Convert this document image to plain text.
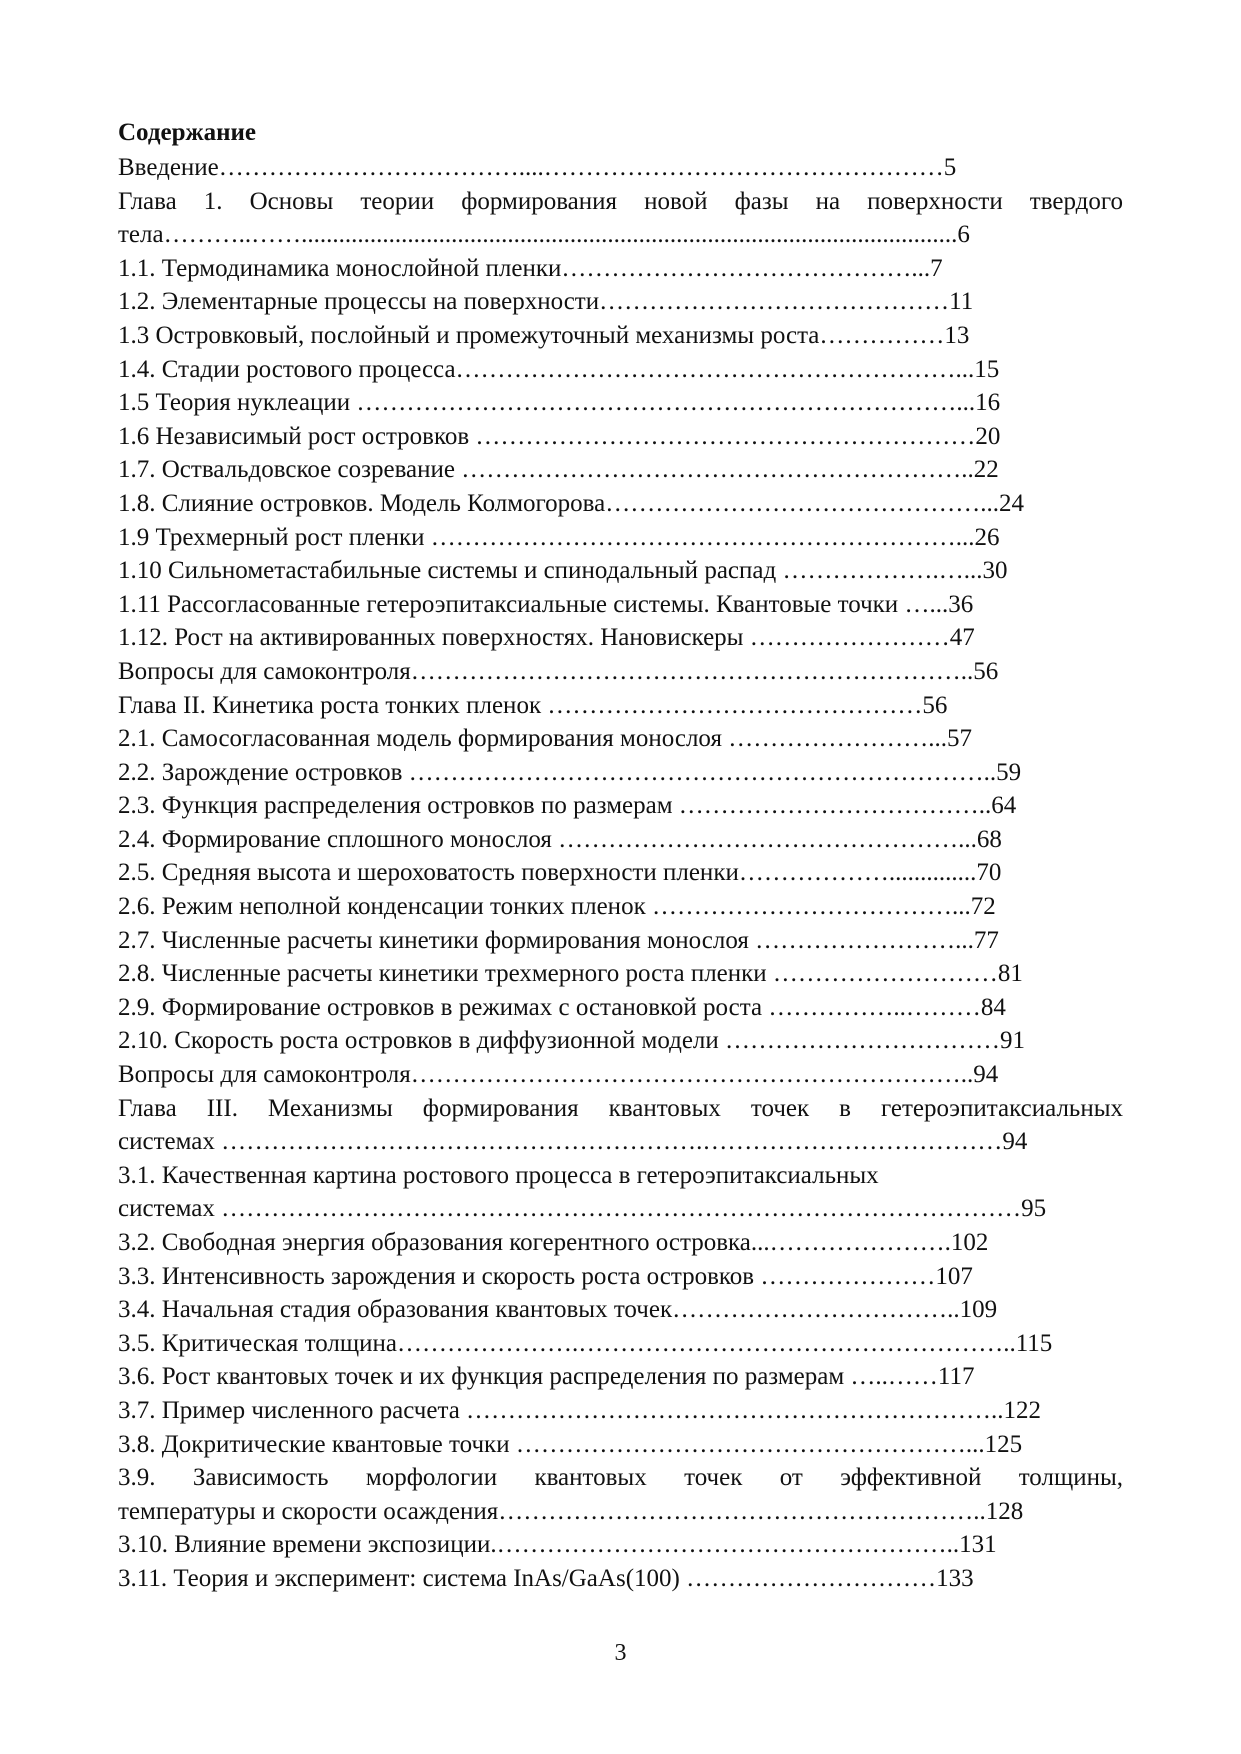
Содержание
Введение………………………………....…………………………………………5
Глава 1. Основы теории формирования новой фазы на поверхности твердого
тела………..…….........................................................................................................6
1.1. Термодинамика монослойной пленки……………………………………...7
1.2. Элементарные процессы на поверхности……………………………………11
1.3 Островковый, послойный и промежуточный механизмы роста……………13
1.4. Стадии ростового процесса……………………………………………………...15
1.5 Теория нуклеации ………………………………………………………………...16
1.6 Независимый рост островков ……………………………………………………20
1.7. Оствальдовское созревание ……………………………………………………..22
1.8. Слияние островков. Модель Колмогорова………………………………………...24
1.9 Трехмерный рост пленки ………………………………………………………...26
1.10 Сильнометастабильные системы и спинодальный распад ……………….…...30
1.11 Рассогласованные гетероэпитаксиальные системы. Квантовые точки …...36
1.12. Рост на активированных поверхностях. Нановискеры ……………………47
Вопросы для самоконтроля…………………………………………………………..56
Глава II. Кинетика роста тонких пленок ………………………………………56
2.1. Самосогласованная модель формирования монослоя ……………………...57
2.2. Зарождение островков ……………………………………………………………..59
2.3. Функция распределения островков по размерам ………………………………..64
2.4. Формирование сплошного монослоя …………………………………………...68
2.5. Средняя высота и шероховатость поверхности пленки………………..............70
2.6. Режим неполной конденсации тонких пленок ………………………………...72
2.7. Численные расчеты кинетики формирования монослоя ……………………...77
2.8. Численные расчеты кинетики трехмерного роста пленки ………………………81
2.9. Формирование островков в режимах с остановкой роста ……………..………84
2.10. Скорость роста островков в диффузионной модели ……………………………91
Вопросы для самоконтроля…………………………………………………………..94
Глава III. Механизмы формирования квантовых точек в гетероэпитаксиальных
системах ………………………………………………….………………………………94
3.1. Качественная картина ростового процесса в гетероэпитаксиальных
системах ……………………………………………………………………………………95
3.2. Свободная энергия образования когерентного островка...………………….102
3.3. Интенсивность зарождения и скорость роста островков …………………107
3.4. Начальная стадия образования квантовых точек……………………………..109
3.5. Критическая толщина………………….……………………………………………..115
3.6. Рост квантовых точек и их функция распределения по размерам …..……117
3.7. Пример численного расчета ………………………………………………………..122
3.8. Докритические квантовые точки ………………………………………………...125
3.9. Зависимость морфологии квантовых точек от эффективной толщины,
температуры и скорости осаждения…………………………………………………..128
3.10. Влияние времени экспозиции.………………………………………………..131
3.11. Теория и эксперимент: система InAs/GaAs(100) …………………………133
3
